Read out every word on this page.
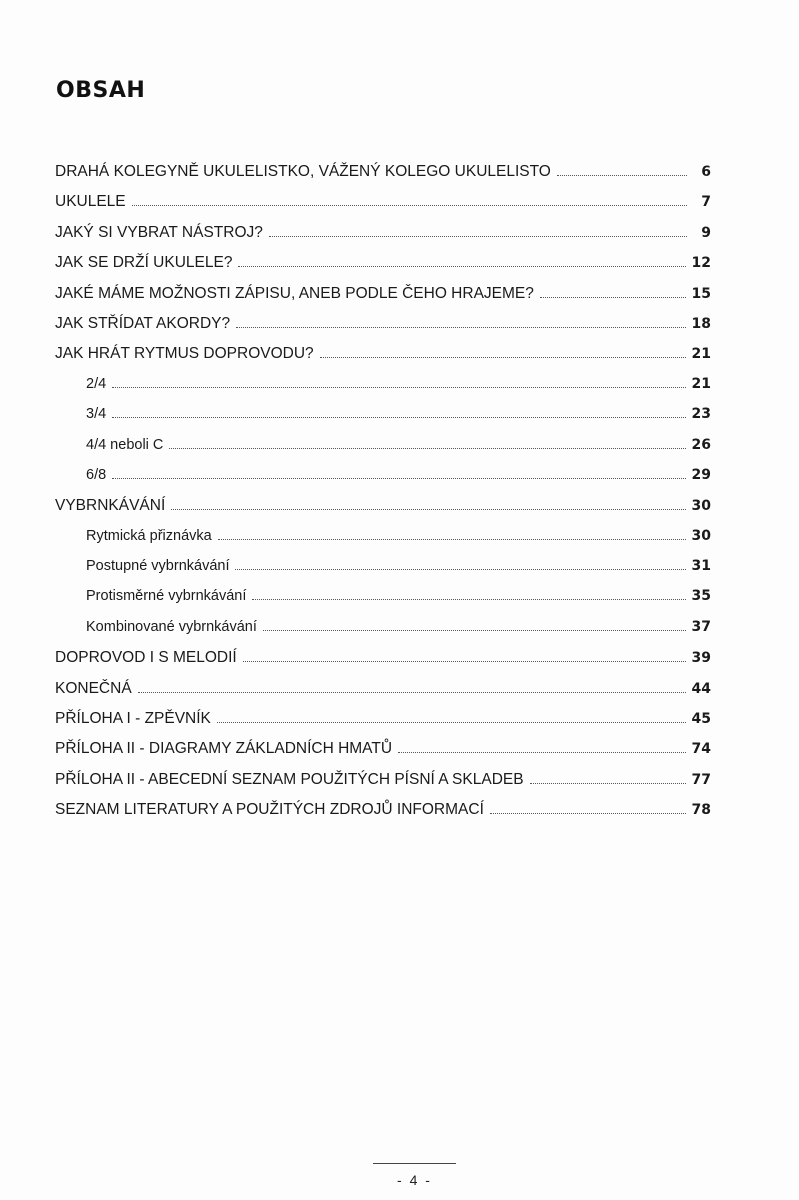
OBSAH
DRAHÁ KOLEGYNĚ UKULELISTKO, VÁŽENÝ KOLEGO UKULELISTO	6
UKULELE	7
JAKÝ SI VYBRAT NÁSTROJ?	9
JAK SE DRŽÍ UKULELE?	12
JAKÉ MÁME MOŽNOSTI ZÁPISU, ANEB PODLE ČEHO HRAJEME?	15
JAK STŘÍDAT AKORDY?	18
JAK HRÁT RYTMUS DOPROVODU?	21
2/4	21
3/4	23
4/4 neboli C	26
6/8	29
VYBRNKÁVÁNÍ	30
Rytmická přiznávka	30
Postupné vybrnkávání	31
Protisměrné vybrnkávání	35
Kombinované vybrnkávání	37
DOPROVOD I S MELODIÍ	39
KONEČNÁ	44
PŘÍLOHA I - ZPĚVNÍK	45
PŘÍLOHA II - DIAGRAMY ZÁKLADNÍCH HMATŮ	74
PŘÍLOHA II - ABECEDNÍ SEZNAM POUŽITÝCH PÍSNÍ A SKLADEB	77
SEZNAM LITERATURY A POUŽITÝCH ZDROJŮ INFORMACÍ	78
- 4 -
